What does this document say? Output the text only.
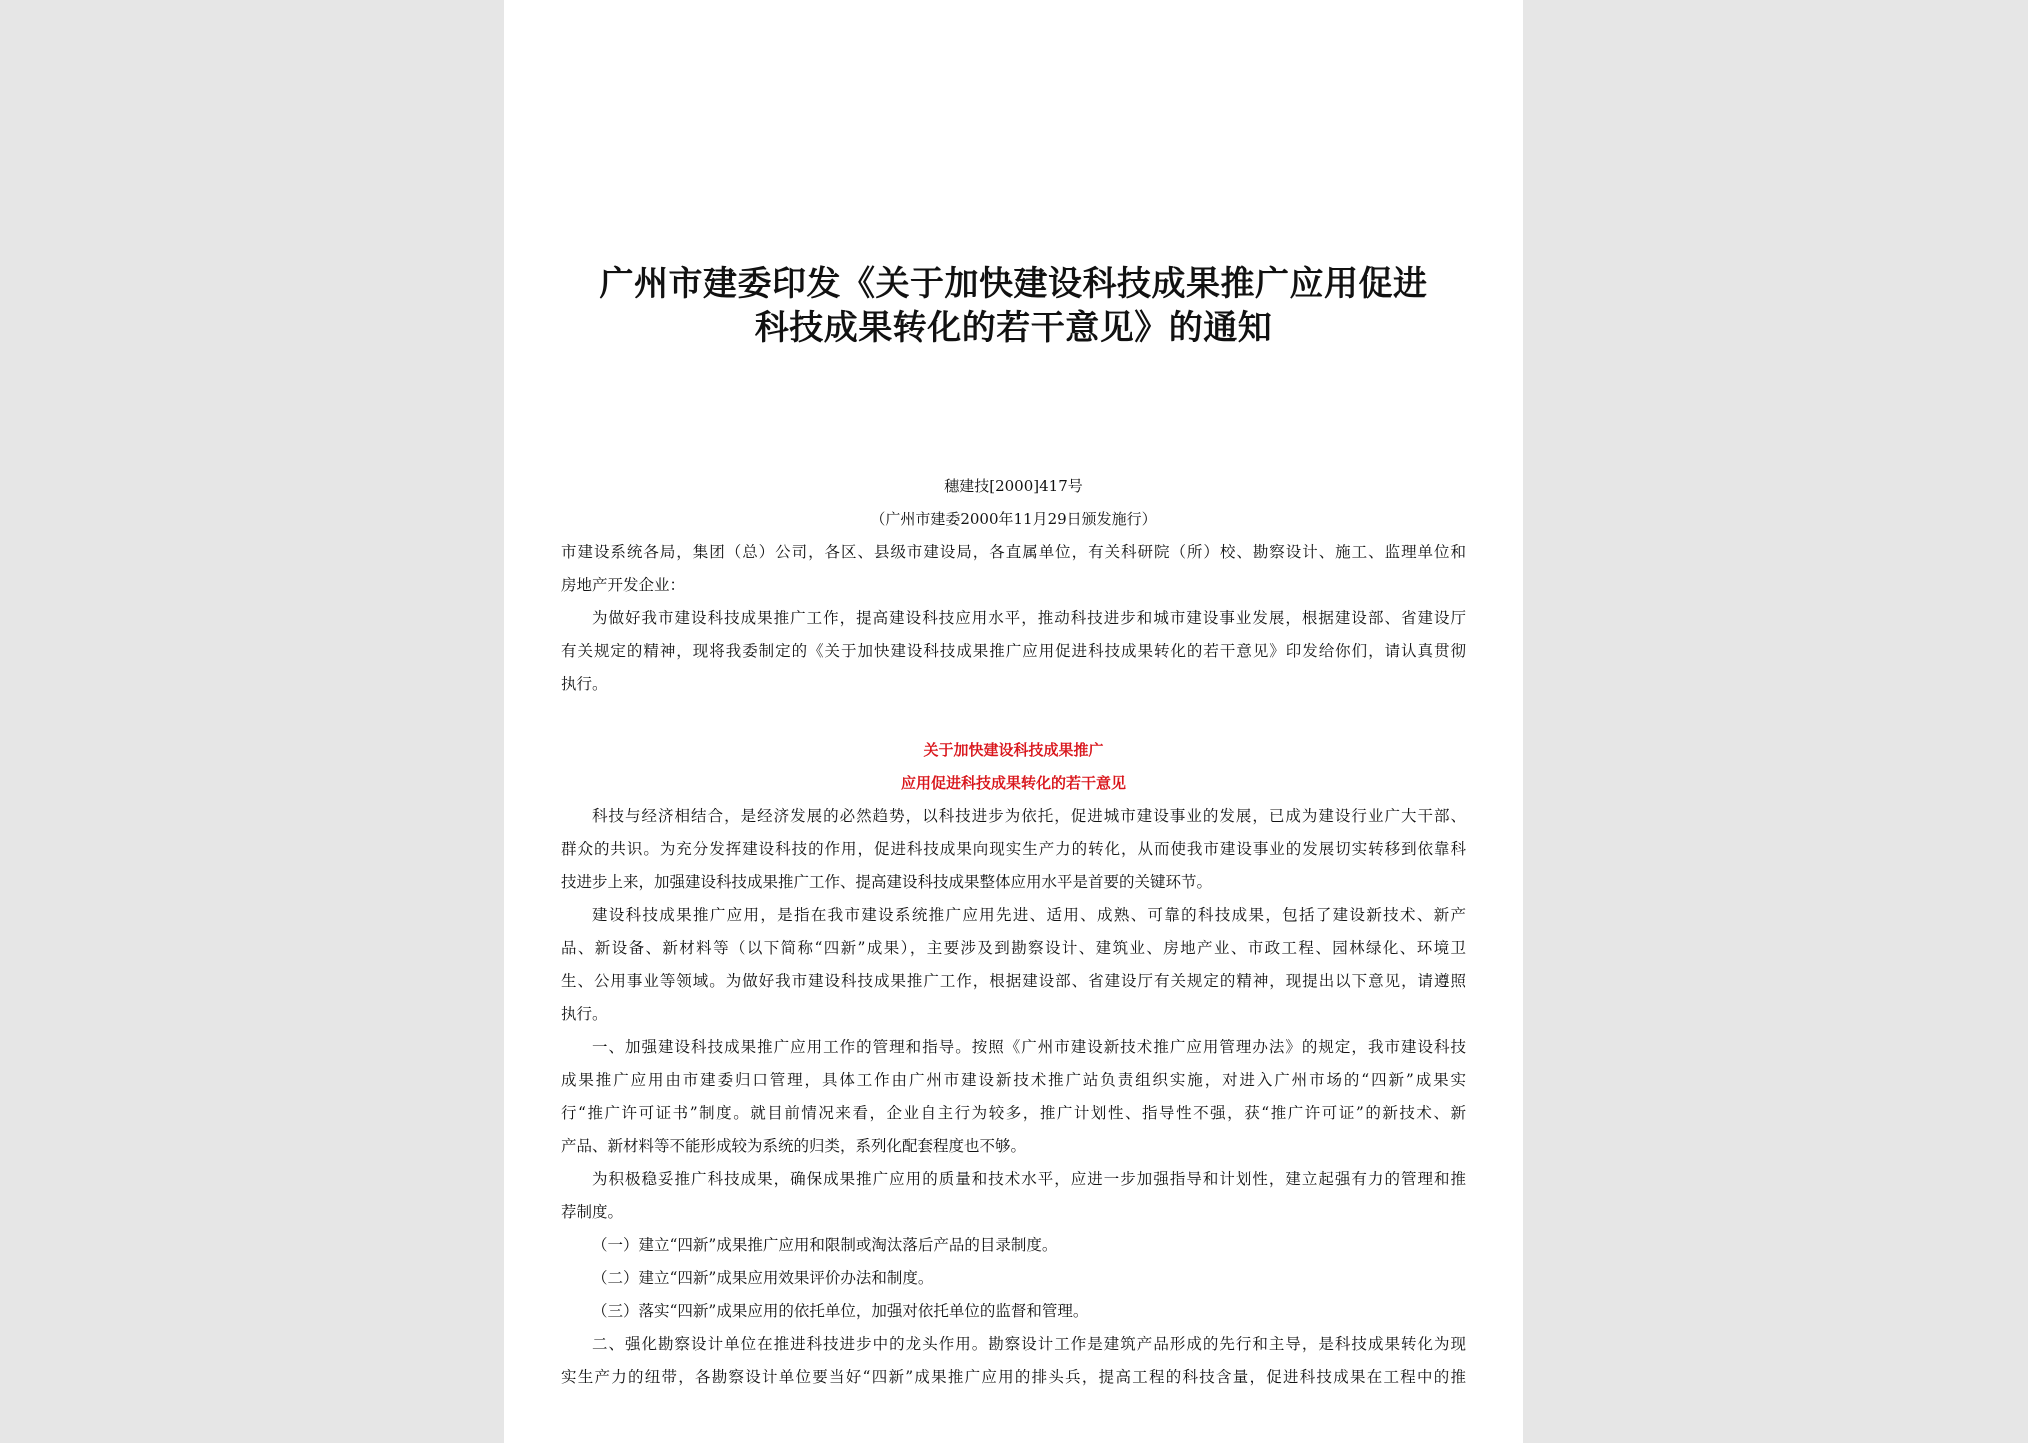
广州市建委印发《关于加快建设科技成果推广应用促进
科技成果转化的若干意见》的通知
穗建技[2000]417号
（广州市建委2000年11月29日颁发施行）
市建设系统各局，集团（总）公司，各区、县级市建设局，各直属单位，有关科研院（所）校、勘察设计、施工、监理单位和
房地产开发企业：
为做好我市建设科技成果推广工作，提高建设科技应用水平，推动科技进步和城市建设事业发展，根据建设部、省建设厅
有关规定的精神，现将我委制定的《关于加快建设科技成果推广应用促进科技成果转化的若干意见》印发给你们，请认真贯彻
执行。
关于加快建设科技成果推广
应用促进科技成果转化的若干意见
科技与经济相结合，是经济发展的必然趋势，以科技进步为依托，促进城市建设事业的发展，已成为建设行业广大干部、
群众的共识。为充分发挥建设科技的作用，促进科技成果向现实生产力的转化，从而使我市建设事业的发展切实转移到依靠科
技进步上来，加强建设科技成果推广工作、提高建设科技成果整体应用水平是首要的关键环节。
建设科技成果推广应用，是指在我市建设系统推广应用先进、适用、成熟、可靠的科技成果，包括了建设新技术、新产
品、新设备、新材料等（以下简称“四新”成果），主要涉及到勘察设计、建筑业、房地产业、市政工程、园林绿化、环境卫
生、公用事业等领域。为做好我市建设科技成果推广工作，根据建设部、省建设厅有关规定的精神，现提出以下意见，请遵照
执行。
一、加强建设科技成果推广应用工作的管理和指导。按照《广州市建设新技术推广应用管理办法》的规定，我市建设科技
成果推广应用由市建委归口管理，具体工作由广州市建设新技术推广站负责组织实施，对进入广州市场的“四新”成果实
行“推广许可证书”制度。就目前情况来看，企业自主行为较多，推广计划性、指导性不强，获“推广许可证”的新技术、新
产品、新材料等不能形成较为系统的归类，系列化配套程度也不够。
为积极稳妥推广科技成果，确保成果推广应用的质量和技术水平，应进一步加强指导和计划性，建立起强有力的管理和推
荐制度。
（一）建立“四新”成果推广应用和限制或淘汰落后产品的目录制度。
（二）建立“四新”成果应用效果评价办法和制度。
（三）落实“四新”成果应用的依托单位，加强对依托单位的监督和管理。
二、强化勘察设计单位在推进科技进步中的龙头作用。勘察设计工作是建筑产品形成的先行和主导，是科技成果转化为现
实生产力的纽带，各勘察设计单位要当好“四新”成果推广应用的排头兵，提高工程的科技含量，促进科技成果在工程中的推
